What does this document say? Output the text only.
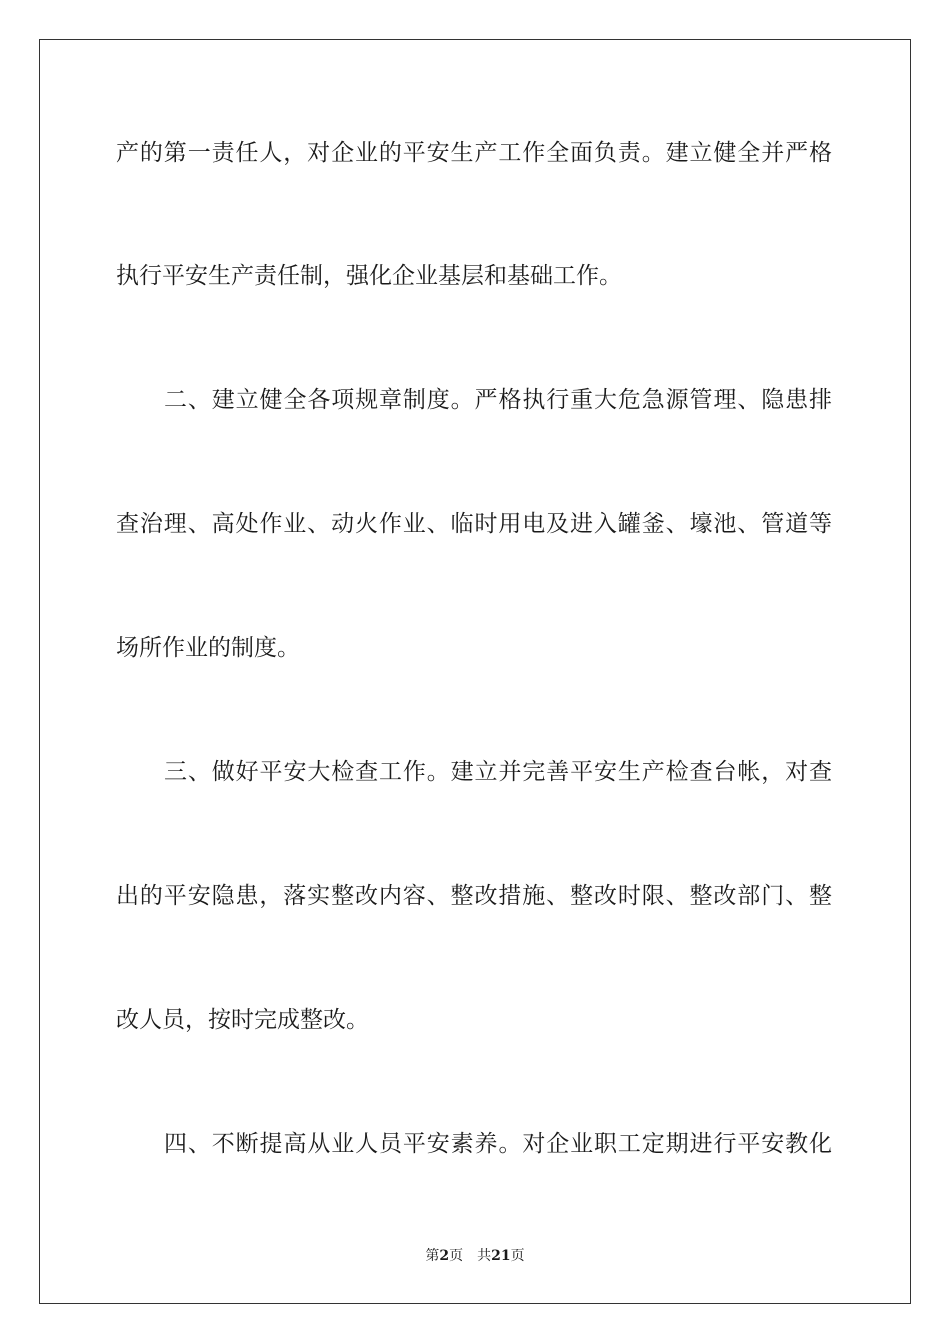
产的第一责任人，对企业的平安生产工作全面负责。建立健全并严格
执行平安生产责任制，强化企业基层和基础工作。
二、建立健全各项规章制度。严格执行重大危急源管理、隐患排
查治理、高处作业、动火作业、临时用电及进入罐釜、壕池、管道等
场所作业的制度。
三、做好平安大检查工作。建立并完善平安生产检查台帐，对查
出的平安隐患，落实整改内容、整改措施、整改时限、整改部门、整
改人员，按时完成整改。
四、不断提高从业人员平安素养。对企业职工定期进行平安教化
第2页 共21页
